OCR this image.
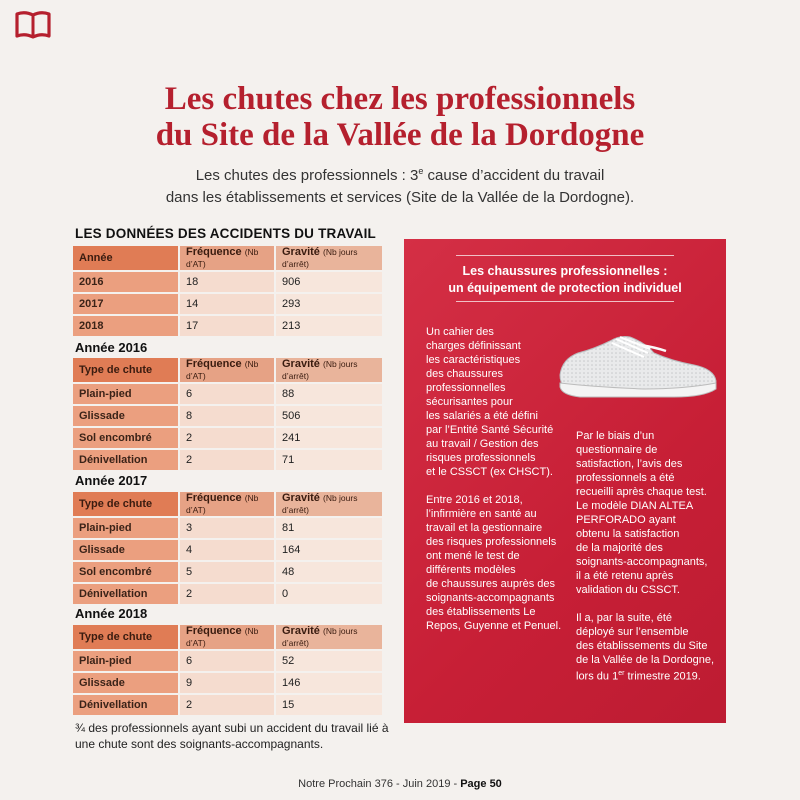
Les chutes chez les professionnels
du Site de la Vallée de la Dordogne
Les chutes des professionnels : 3e cause d’accident du travail
dans les établissements et services (Site de la Vallée de la Dordogne).
LES DONNÉES DES ACCIDENTS DU TRAVAIL
Année	Fréquence (Nb d’AT)	Gravité (Nb jours d’arrêt)
2016	18	906
2017	14	293
2018	17	213
Année 2016
Type de chute	Fréquence (Nb d’AT)	Gravité (Nb jours d’arrêt)
Plain-pied	6	88
Glissade	8	506
Sol encombré	2	241
Dénivellation	2	71
Année 2017
Type de chute	Fréquence (Nb d’AT)	Gravité (Nb jours d’arrêt)
Plain-pied	3	81
Glissade	4	164
Sol encombré	5	48
Dénivellation	2	0
Année 2018
Type de chute	Fréquence (Nb d’AT)	Gravité (Nb jours d’arrêt)
Plain-pied	6	52
Glissade	9	146
Dénivellation	2	15
¾ des professionnels ayant subi un accident du travail lié à une chute sont des soignants-accompagnants.
Les chaussures professionnelles :
un équipement de protection individuel
Un cahier des
charges définissant
les caractéristiques
des chaussures
professionnelles
sécurisantes pour
les salariés a été défini
par l’Entité Santé Sécurité
au travail / Gestion des
risques professionnels
et le CSSCT (ex CHSCT).
Entre 2016 et 2018,
l’infirmière en santé au
travail et la gestionnaire
des risques professionnels
ont mené le test de
différents modèles
de chaussures auprès des
soignants-accompagnants
des établissements Le
Repos, Guyenne et Penuel.
Par le biais d’un
questionnaire de
satisfaction, l’avis des
professionnels a été
recueilli après chaque test.
Le modèle DIAN ALTEA
PERFORADO ayant
obtenu la satisfaction
de la majorité des
soignants-accompagnants,
il a été retenu après
validation du CSSCT.
Il a, par la suite, été
déployé sur l’ensemble
des établissements du Site
de la Vallée de la Dordogne,
lors du 1er trimestre 2019.
Notre Prochain 376 - Juin 2019 - Page 50
